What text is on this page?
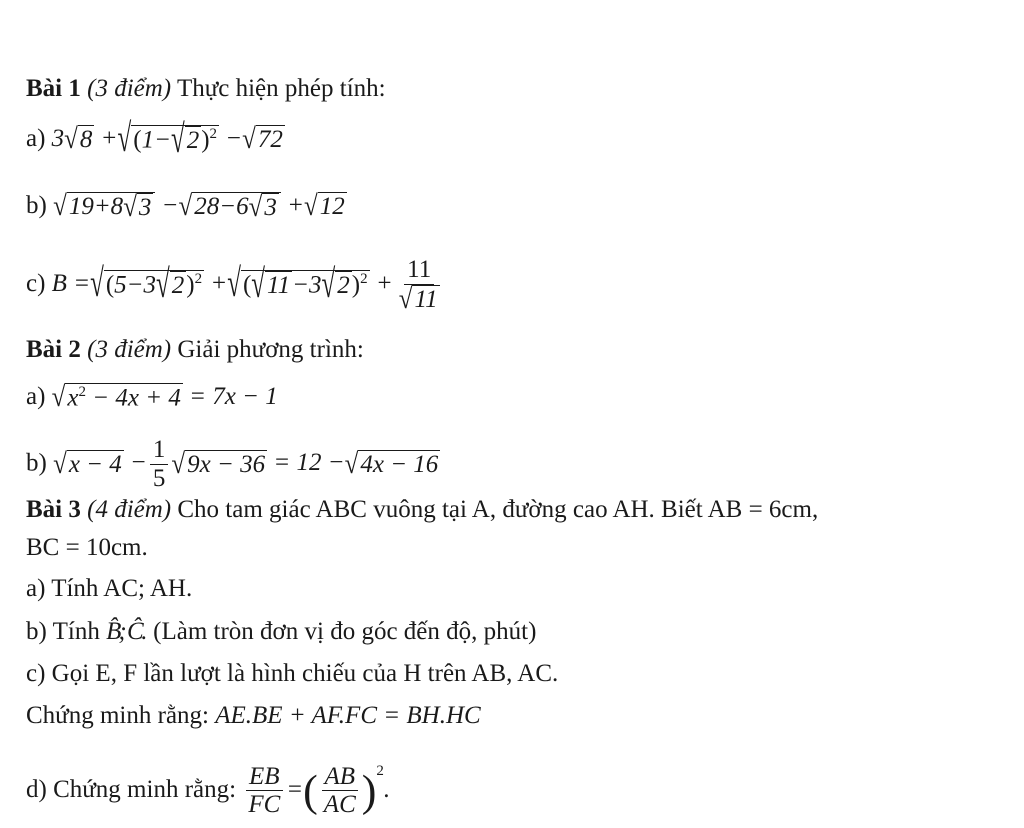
Bài 1 (3 điểm) Thực hiện phép tính:
a) $3√8 +√(1-√2)^2 -√72$
b) √19+8√3 −√28−6√3 +√12
c) $B =√(5-3√2)^2 +√(√11-3√2)^2 + \frac{11}{√11}$
Bài 2 (3 điểm) Giải phương trình:
a) $√x^2 - 4x + 4 = 7x - 1$
b) $√x - 4 - \frac{1}{5} √9x - 36 = 12 -√4x - 16$
Bài 3 (4 điểm) Cho tam giác ABC vuông tại A, đường cao AH. Biết AB = 6cm,
BC = 10cm.
a) Tính AC; AH.
b) Tính B̂; Ĉ. (Làm tròn đơn vị đo góc đến độ, phút)
c) Gọi E, F lần lượt là hình chiếu của H trên AB, AC.
Chứng minh rằng: AE.BE + AF.FC = BH.HC
d) Chứng minh rằng: $\frac{EB}{FC}$ =( $\frac{AB}{AC} )^2$.
